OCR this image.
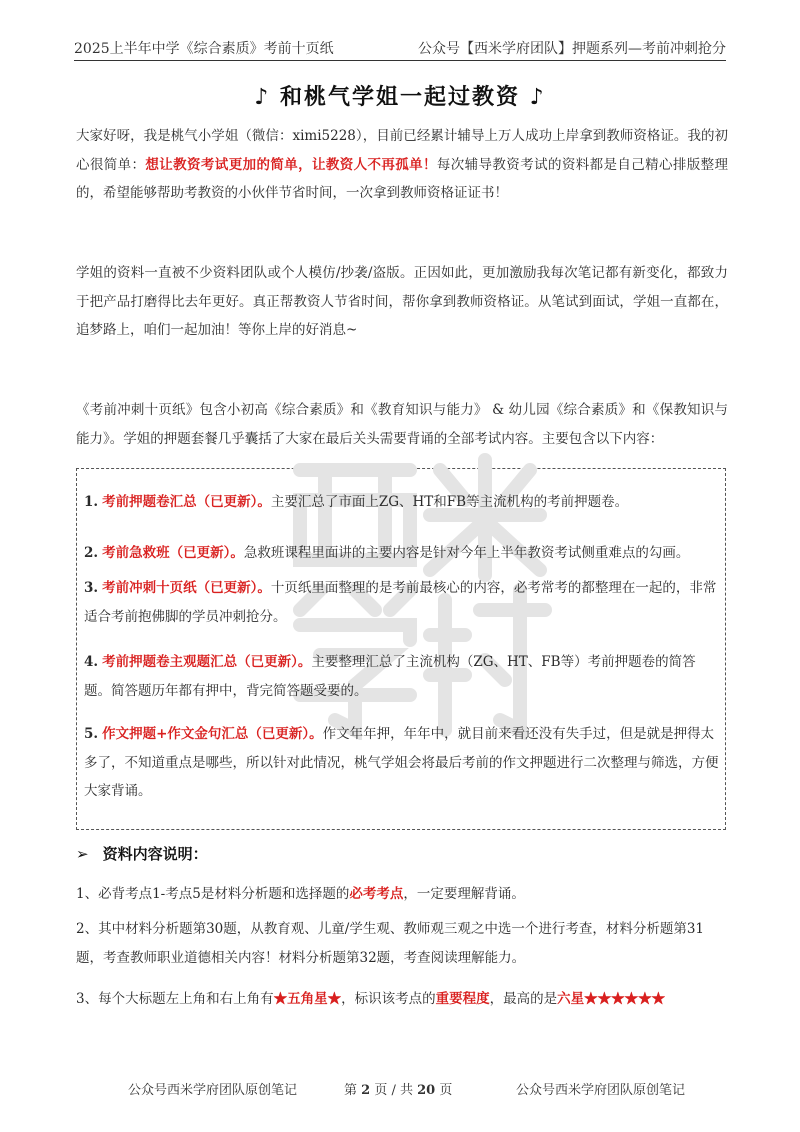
2025上半年中学《综合素质》考前十页纸	公众号【西米学府团队】押题系列—考前冲刺抢分
♪ 和桃气学姐一起过教资 ♪
大家好呀，我是桃气小学姐（微信：ximi5228），目前已经累计辅导上万人成功上岸拿到教师资格证。我的初心很简单：想让教资考试更加的简单，让教资人不再孤单！每次辅导教资考试的资料都是自己精心排版整理的，希望能够帮助考教资的小伙伴节省时间，一次拿到教师资格证证书！
学姐的资料一直被不少资料团队或个人模仿/抄袭/盗版。正因如此，更加激励我每次笔记都有新变化，都致力于把产品打磨得比去年更好。真正帮教资人节省时间，帮你拿到教师资格证。从笔试到面试，学姐一直都在，追梦路上，咱们一起加油！等你上岸的好消息~
《考前冲刺十页纸》包含小初高《综合素质》和《教育知识与能力》 & 幼儿园《综合素质》和《保教知识与能力》。学姐的押题套餐几乎囊括了大家在最后关头需要背诵的全部考试内容。主要包含以下内容：
1. 考前押题卷汇总（已更新）。主要汇总了市面上ZG、HT和FB等主流机构的考前押题卷。
2. 考前急救班（已更新）。急救班课程里面讲的主要内容是针对今年上半年教资考试侧重难点的勾画。
3. 考前冲刺十页纸（已更新）。十页纸里面整理的是考前最核心的内容，必考常考的都整理在一起的，非常适合考前抱佛脚的学员冲刺抢分。
4. 考前押题卷主观题汇总（已更新）。主要整理汇总了主流机构（ZG、HT、FB等）考前押题卷的简答题。简答题历年都有押中，背完简答题受要的。
5. 作文押题+作文金句汇总（已更新）。作文年年押，年年中，就目前来看还没有失手过，但是就是押得太多了，不知道重点是哪些，所以针对此情况，桃气学姐会将最后考前的作文押题进行二次整理与筛选，方便大家背诵。
➢ 资料内容说明：
1、必背考点1-考点5是材料分析题和选择题的必考考点，一定要理解背诵。
2、其中材料分析题第30题，从教育观、儿童/学生观、教师观三观之中选一个进行考查，材料分析题第31题，考查教师职业道德相关内容！材料分析题第32题，考查阅读理解能力。
3、每个大标题左上角和右上角有★五角星★，标识该考点的重要程度，最高的是六星★★★★★★
公众号西米学府团队原创笔记	第 2 页 / 共 20 页	公众号西米学府团队原创笔记
